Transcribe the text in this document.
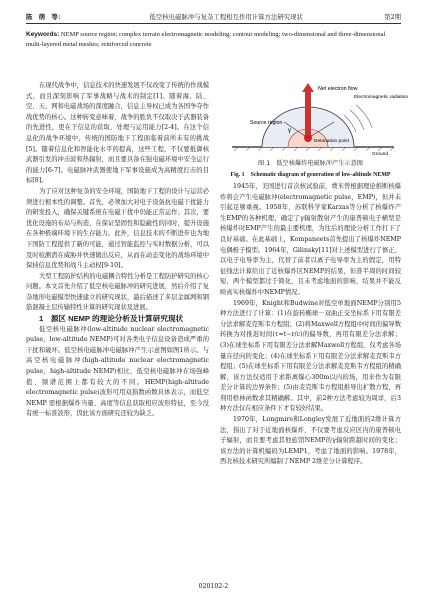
陈　萌　等：	低空核电磁脉冲与复杂工程相互作用计算方法研究现状	第2期
Keywords: NEMP source region; complex terrain electromagnetic modeling; contour modeling; two-dimensional and three-dimensional multi-layered metal meshes; reinforced concrete

在现代战争中，信息技术的快速发展不仅改变了传统的作战模式，而且深刻影响了军事战略与战术的制定[1]。随着海、陆、空、天、网和电磁战场的深度融合，信息主导权已成为各国争夺作战优势的核心。这种转变意味着，战争的胜负不仅取决于武器装备的先进性，更在于信息的获取、处理与运用能力[2-4]。在这个信息化的战争环境中，传统的国防地下工程面临着前所未有的挑战[5]。随着信息化和智能化水平的提高，这些工程，不仅要抵御核武器引发的冲击波和热辐射，而且要具备在强电磁环境中安全运行的能力[6-7]。电磁脉冲武器使地下军事设施成为高精度打击的目标[8]。

为了应对这种复杂的安全环境，国防地下工程的设计与运营必须进行根本性的调整。首先，必须加大对电子设备抗电磁干扰能力的研发投入，确保关键系统在电磁干扰中仍能正常运作；其次，要优化设施的布局与构造，在保证坚固性和隐蔽性的同时，提升设施在各种极端环境下的生存能力。此外，信息技术的不断进步也为地下国防工程提供了新的可能，通过智能监控与实时数据分析，可以及时检测潜在威胁并快速做出反应，从而在动态变化的战场环境中保持信息优势和战斗主动权[9-10]。

大型工程防护结构的电磁耦合特性分析是工程防护研究的核心问题。本文首先介绍了低空核电磁脉冲的研究进展，然后介绍了复杂地形电磁模型快速建立的研究现状，最后描述了多层金属网和钢筋混凝土层传输特性计算的研究现状及进展。

1　源区 NEMP 的理论分析及计算研究现状

低空核电磁脉冲(low-altitude nuclear electromagnetic pulse，low-altitude NEMP)可对各类电子信息设备造成严重的干扰和破坏。低空核电磁脉冲电磁脉冲产生示意图如图1所示。与高空核电磁脉冲(high-altitude nuclear electromagnetic pulse，high-altitude NEMP)相比，低空核电磁脉冲在场强峰值、频谱范围上都有较大的不同。HEMP(high-altitude electromagnetic pulse)波形可用双指数函数具体表示，而低空 NEMP 需根据爆炸当量、高度等信息获取相应波形特征，至今没有统一标准波形，因此该方面研究还较为缺乏。

Net electron flow
Electromagnetic radiation
Source region
γ
Detonation point
Ground
图 1　低空核爆炸电磁脉冲产生示意图
Fig. 1　Schematic diagram of generation of low-altitude NEMP

1945年，美国进行首次核试验前，费米曾根据理论推断核爆炸将会产生电磁脉冲(electromagnetic pulse，EMP)，但并未引起足够重视。1958年，苏联科学家Karzas等分析了核爆炸产生EMP的各种机理，确定了γ辐射散射产生的康普顿电子横型是核爆炸时EMP产生的最主要机理，为往后的理论分析工作打下了良好基础。在此基础上，Kompaneets首先提出了核爆炸NEMP电偶极子模型。1964年，Gilinsky[11]对上述模型进行了修正，以电子电导率为主，代替了前者以离子电导率为主的假定，用特征线法计算给出了近核爆炸区NEMP的结果，但准半周的时间较短，两个模型都过于简化，且未考虑地面的影响，结果并不能反映真实核爆炸中NEMP情况。

1969年，Knight和Budwine对低空单地面NEMP分别用5种方法进行了计算：(1)在旋转椭球－双曲正交坐标系下用有限差分法求解麦克斯韦方程组；(2)将Maxwell方程组中时间的偏导数转换为对推迟时间(τ=t−r/c)的偏导数，再用有限差分法求解；(3)在球坐标系下用有限差分法求解Maxwell方程组，仅考虑各场量在径向的变化；(4)在球坐标系下用有限差分法求解麦克斯韦方程组；(5)在球坐标系下用有限差分法求解麦克斯韦方程组的精确解，该方法仅适用于求距离爆心300m以内的场，用来作为有限差分计算的边界条件；(5)由麦克斯韦方程组推导出扩散方程，再利用格林函数求其精确解。其中，前2种方法考虑较为周详，后3种方法仅在相应条件下才有较好结果。

1970年，Longmire和Longley发展了近地面的2维计算方法，指出了对于近地面核爆炸，不仅要考虑反应区内的康普顿电子辐射，而且要考虑其他旅馆NEMP的γ辐射跨越时间的变化；该方法的计算机编码为LEMP1，考虑了地面的影响。1978年，西北核技术研究所编制了NEMP 2维差分计算程序。

020102-2
